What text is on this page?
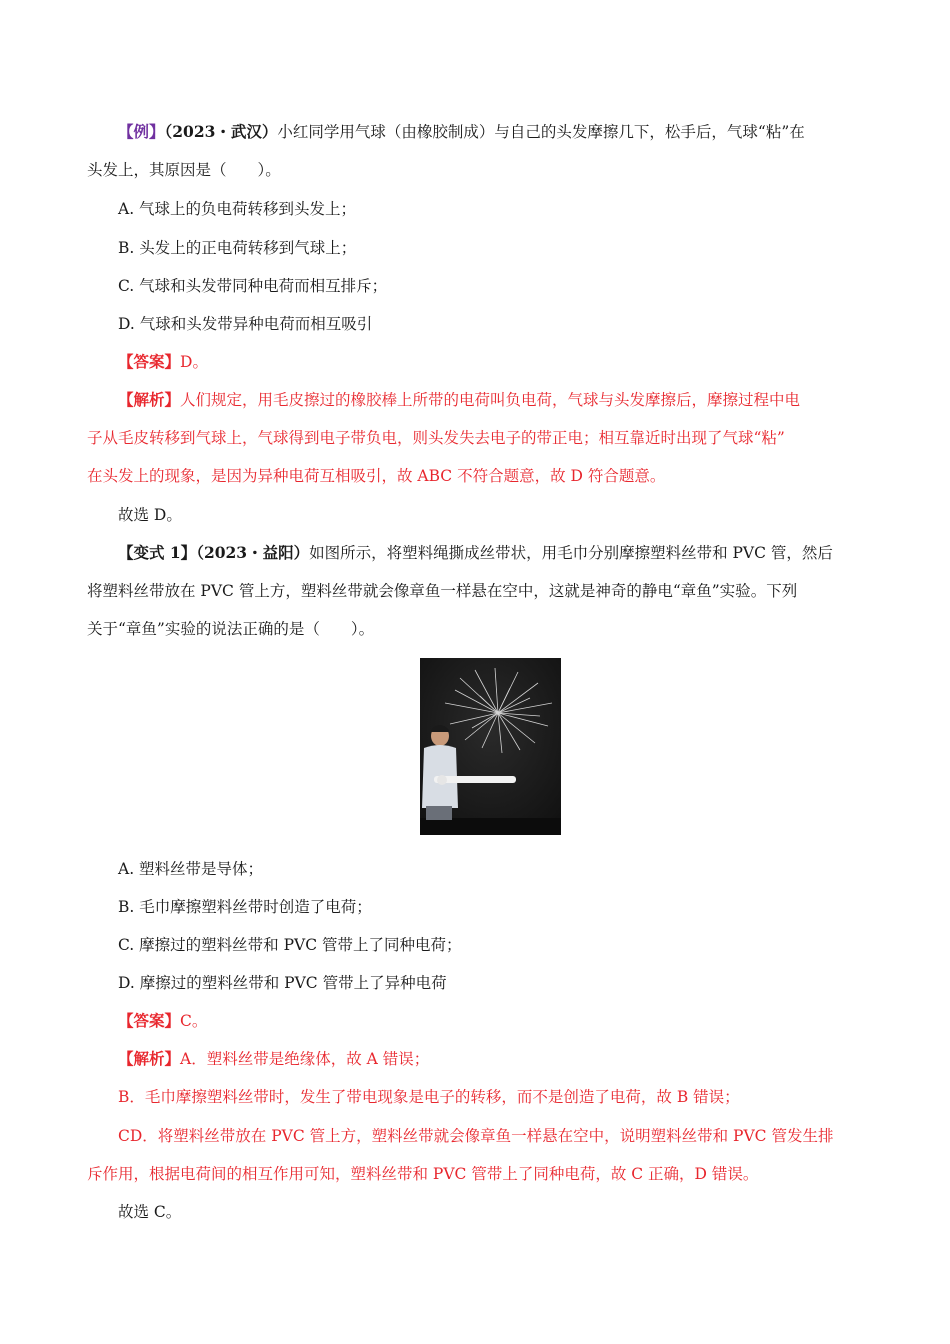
【例】（2023・武汉）小红同学用气球（由橡胶制成）与自己的头发摩擦几下，松手后，气球“粘”在
头发上，其原因是（　　）。
A. 气球上的负电荷转移到头发上；
B. 头发上的正电荷转移到气球上；
C. 气球和头发带同种电荷而相互排斥；
D. 气球和头发带异种电荷而相互吸引
【答案】D。
【解析】人们规定，用毛皮擦过的橡胶棒上所带的电荷叫负电荷，气球与头发摩擦后，摩擦过程中电
子从毛皮转移到气球上，气球得到电子带负电，则头发失去电子的带正电；相互靠近时出现了气球“粘”
在头发上的现象，是因为异种电荷互相吸引，故 ABC 不符合题意，故 D 符合题意。
故选 D。
【变式 1】（2023・益阳）如图所示，将塑料绳撕成丝带状，用毛巾分别摩擦塑料丝带和 PVC 管，然后
将塑料丝带放在 PVC 管上方，塑料丝带就会像章鱼一样悬在空中，这就是神奇的静电“章鱼”实验。下列
关于“章鱼”实验的说法正确的是（　　）。
A. 塑料丝带是导体；
B. 毛巾摩擦塑料丝带时创造了电荷；
C. 摩擦过的塑料丝带和 PVC 管带上了同种电荷；
D. 摩擦过的塑料丝带和 PVC 管带上了异种电荷
【答案】C。
【解析】A．塑料丝带是绝缘体，故 A 错误；
B．毛巾摩擦塑料丝带时，发生了带电现象是电子的转移，而不是创造了电荷，故 B 错误；
CD．将塑料丝带放在 PVC 管上方，塑料丝带就会像章鱼一样悬在空中，说明塑料丝带和 PVC 管发生排
斥作用，根据电荷间的相互作用可知，塑料丝带和 PVC 管带上了同种电荷，故 C 正确，D 错误。
故选 C。
